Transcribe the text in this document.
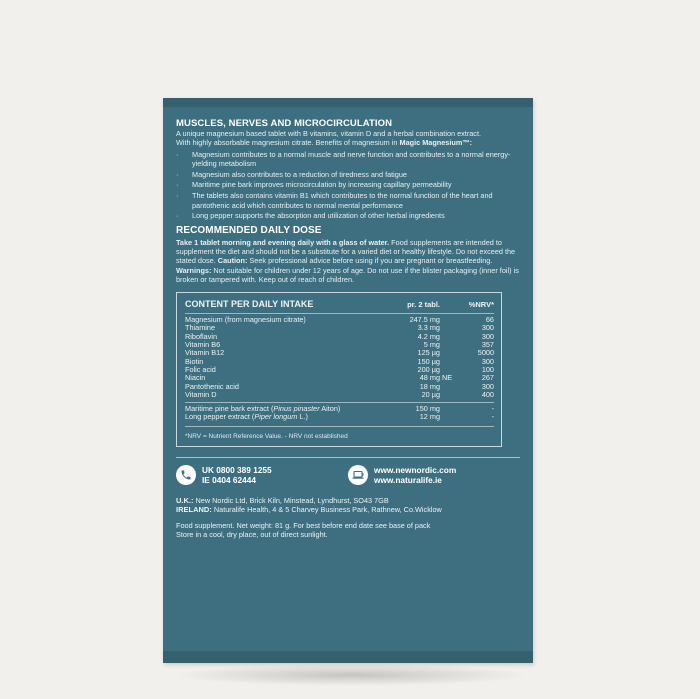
MUSCLES, NERVES AND MICROCIRCULATION

A unique magnesium based tablet with B vitamins, vitamin D and a herbal combination extract.

With highly absorbable magnesium citrate. Benefits of magnesium in Magic Magnesium™:

· Magnesium contributes to a normal muscle and nerve function and contributes to a normal energy-yielding metabolism
· Magnesium also contributes to a reduction of tiredness and fatigue
· Maritime pine bark improves microcirculation by increasing capillary permeability
· The tablets also contains vitamin B1 which contributes to the normal function of the heart and pantothenic acid which contributes to normal mental performance
· Long pepper supports the absorption and utilization of other herbal ingredients

RECOMMENDED DAILY DOSE

Take 1 tablet morning and evening daily with a glass of water. Food supplements are intended to supplement the diet and should not be a substitute for a varied diet or healthy lifestyle. Do not exceed the stated dose. Caution: Seek professional advice before using if you are pregnant or breastfeeding. Warnings: Not suitable for children under 12 years of age. Do not use if the blister packaging (inner foil) is broken or tampered with. Keep out of reach of children.

CONTENT PER DAILY INTAKE	pr. 2 tabl.	%NRV*
Magnesium (from magnesium citrate)	247.5 mg	66
Thiamine	3.3 mg	300
Riboflavin	4.2 mg	300
Vitamin B6	5 mg	357
Vitamin B12	125 µg	5000
Biotin	150 µg	300
Folic acid	200 µg	100
Niacin	48 mg NE	267
Pantothenic acid	18 mg	300
Vitamin D	20 µg	400
Maritime pine bark extract (Pinus pinaster Aiton)	150 mg	-
Long pepper extract (Piper longum L.)	12 mg	-
*NRV = Nutrient Reference Value. - NRV not established
UK 0800 389 1255
IE 0404 62444
www.newnordic.com
www.naturalife.ie
U.K.: New Nordic Ltd, Brick Kiln, Minstead, Lyndhurst, SO43 7GB
IRELAND: Naturalife Health, 4 & 5 Charvey Business Park, Rathnew, Co.Wicklow
Food supplement. Net weight: 81 g. For best before end date see base of pack
Store in a cool, dry place, out of direct sunlight.
